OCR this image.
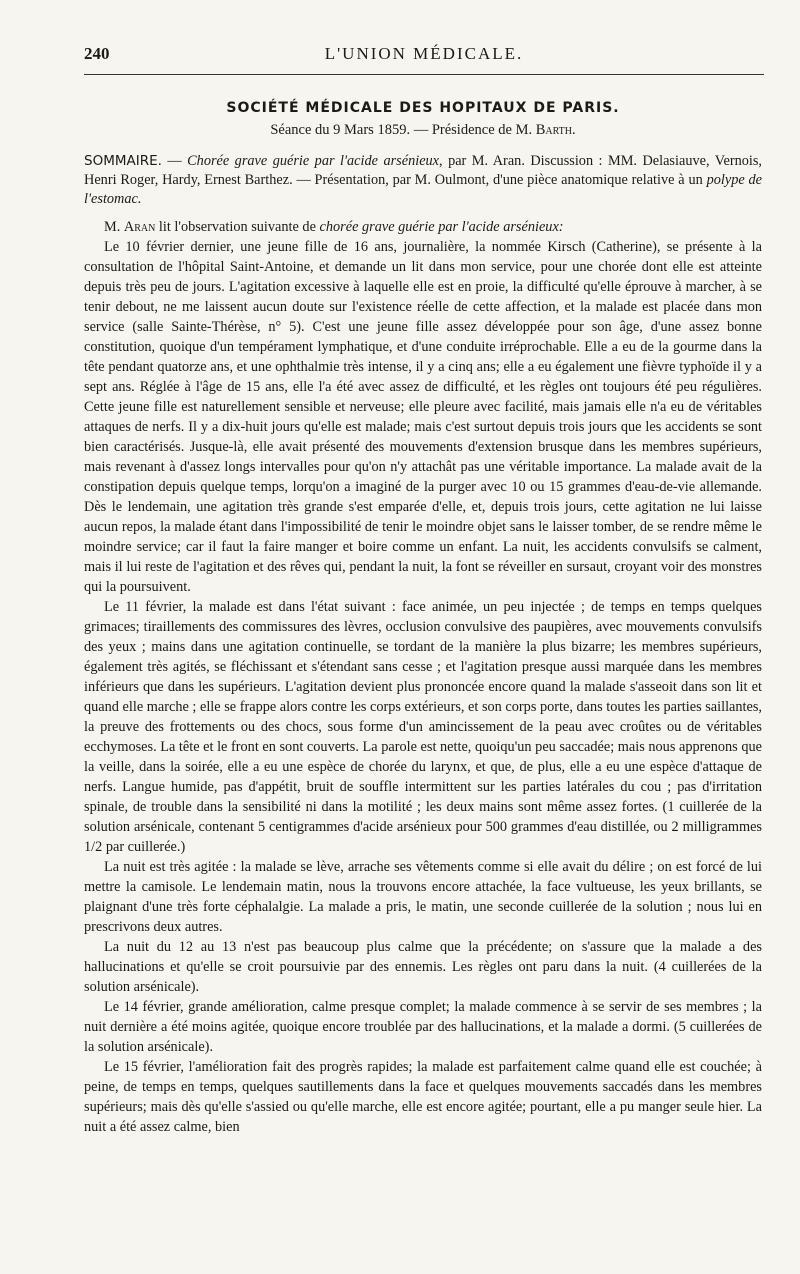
240	L'UNION MÉDICALE.
SOCIÉTÉ MÉDICALE DES HOPITAUX DE PARIS.
Séance du 9 Mars 1859. — Présidence de M. Barth.
SOMMAIRE. — Chorée grave guérie par l'acide arsénieux, par M. Aran. Discussion : MM. Delasiauve, Vernois, Henri Roger, Hardy, Ernest Barthez. — Présentation, par M. Oulmont, d'une pièce anatomique relative à un polype de l'estomac.

M. Aran lit l'observation suivante de chorée grave guérie par l'acide arsénieux:

Le 10 février dernier, une jeune fille de 16 ans, journalière, la nommée Kirsch (Catherine), se présente à la consultation de l'hôpital Saint-Antoine, et demande un lit dans mon service, pour une chorée dont elle est atteinte depuis très peu de jours. L'agitation excessive à laquelle elle est en proie, la difficulté qu'elle éprouve à marcher, à se tenir debout, ne me laissent aucun doute sur l'existence réelle de cette affection, et la malade est placée dans mon service (salle Sainte-Thérèse, n° 5). C'est une jeune fille assez développée pour son âge, d'une assez bonne constitution, quoique d'un tempérament lymphatique, et d'une conduite irréprochable. Elle a eu de la gourme dans la tête pendant quatorze ans, et une ophthalmie très intense, il y a cinq ans; elle a eu également une fièvre typhoïde il y a sept ans. Réglée à l'âge de 15 ans, elle l'a été avec assez de difficulté, et les règles ont toujours été peu régulières. Cette jeune fille est naturellement sensible et nerveuse; elle pleure avec facilité, mais jamais elle n'a eu de véritables attaques de nerfs. Il y a dix-huit jours qu'elle est malade; mais c'est surtout depuis trois jours que les accidents se sont bien caractérisés. Jusque-là, elle avait présenté des mouvements d'extension brusque dans les membres supérieurs, mais revenant à d'assez longs intervalles pour qu'on n'y attachât pas une véritable importance. La malade avait de la constipation depuis quelque temps, lorqu'on a imaginé de la purger avec 10 ou 15 grammes d'eau-de-vie allemande. Dès le lendemain, une agitation très grande s'est emparée d'elle, et, depuis trois jours, cette agitation ne lui laisse aucun repos, la malade étant dans l'impossibilité de tenir le moindre objet sans le laisser tomber, de se rendre même le moindre service; car il faut la faire manger et boire comme un enfant. La nuit, les accidents convulsifs se calment, mais il lui reste de l'agitation et des rêves qui, pendant la nuit, la font se réveiller en sursaut, croyant voir des monstres qui la poursuivent.

Le 11 février, la malade est dans l'état suivant : face animée, un peu injectée ; de temps en temps quelques grimaces; tiraillements des commissures des lèvres, occlusion convulsive des paupières, avec mouvements convulsifs des yeux ; mains dans une agitation continuelle, se tordant de la manière la plus bizarre; les membres supérieurs, également très agités, se fléchissant et s'étendant sans cesse ; et l'agitation presque aussi marquée dans les membres inférieurs que dans les supérieurs. L'agitation devient plus prononcée encore quand la malade s'asseoit dans son lit et quand elle marche ; elle se frappe alors contre les corps extérieurs, et son corps porte, dans toutes les parties saillantes, la preuve des frottements ou des chocs, sous forme d'un amincissement de la peau avec croûtes ou de véritables ecchymoses. La tête et le front en sont couverts. La parole est nette, quoiqu'un peu saccadée; mais nous apprenons que la veille, dans la soirée, elle a eu une espèce de chorée du larynx, et que, de plus, elle a eu une espèce d'attaque de nerfs. Langue humide, pas d'appétit, bruit de souffle intermittent sur les parties latérales du cou ; pas d'irritation spinale, de trouble dans la sensibilité ni dans la motilité ; les deux mains sont même assez fortes. (1 cuillerée de la solution arsénicale, contenant 5 centigrammes d'acide arsénieux pour 500 grammes d'eau distillée, ou 2 milligrammes 1/2 par cuillerée.)

La nuit est très agitée : la malade se lève, arrache ses vêtements comme si elle avait du délire ; on est forcé de lui mettre la camisole. Le lendemain matin, nous la trouvons encore attachée, la face vultueuse, les yeux brillants, se plaignant d'une très forte céphalalgie. La malade a pris, le matin, une seconde cuillerée de la solution ; nous lui en prescrivons deux autres.

La nuit du 12 au 13 n'est pas beaucoup plus calme que la précédente; on s'assure que la malade a des hallucinations et qu'elle se croit poursuivie par des ennemis. Les règles ont paru dans la nuit. (4 cuillerées de la solution arsénicale).

Le 14 février, grande amélioration, calme presque complet; la malade commence à se servir de ses membres ; la nuit dernière a été moins agitée, quoique encore troublée par des hallucinations, et la malade a dormi. (5 cuillerées de la solution arsénicale).

Le 15 février, l'amélioration fait des progrès rapides; la malade est parfaitement calme quand elle est couchée; à peine, de temps en temps, quelques sautillements dans la face et quelques mouvements saccadés dans les membres supérieurs; mais dès qu'elle s'assied ou qu'elle marche, elle est encore agitée; pourtant, elle a pu manger seule hier. La nuit a été assez calme, bien
